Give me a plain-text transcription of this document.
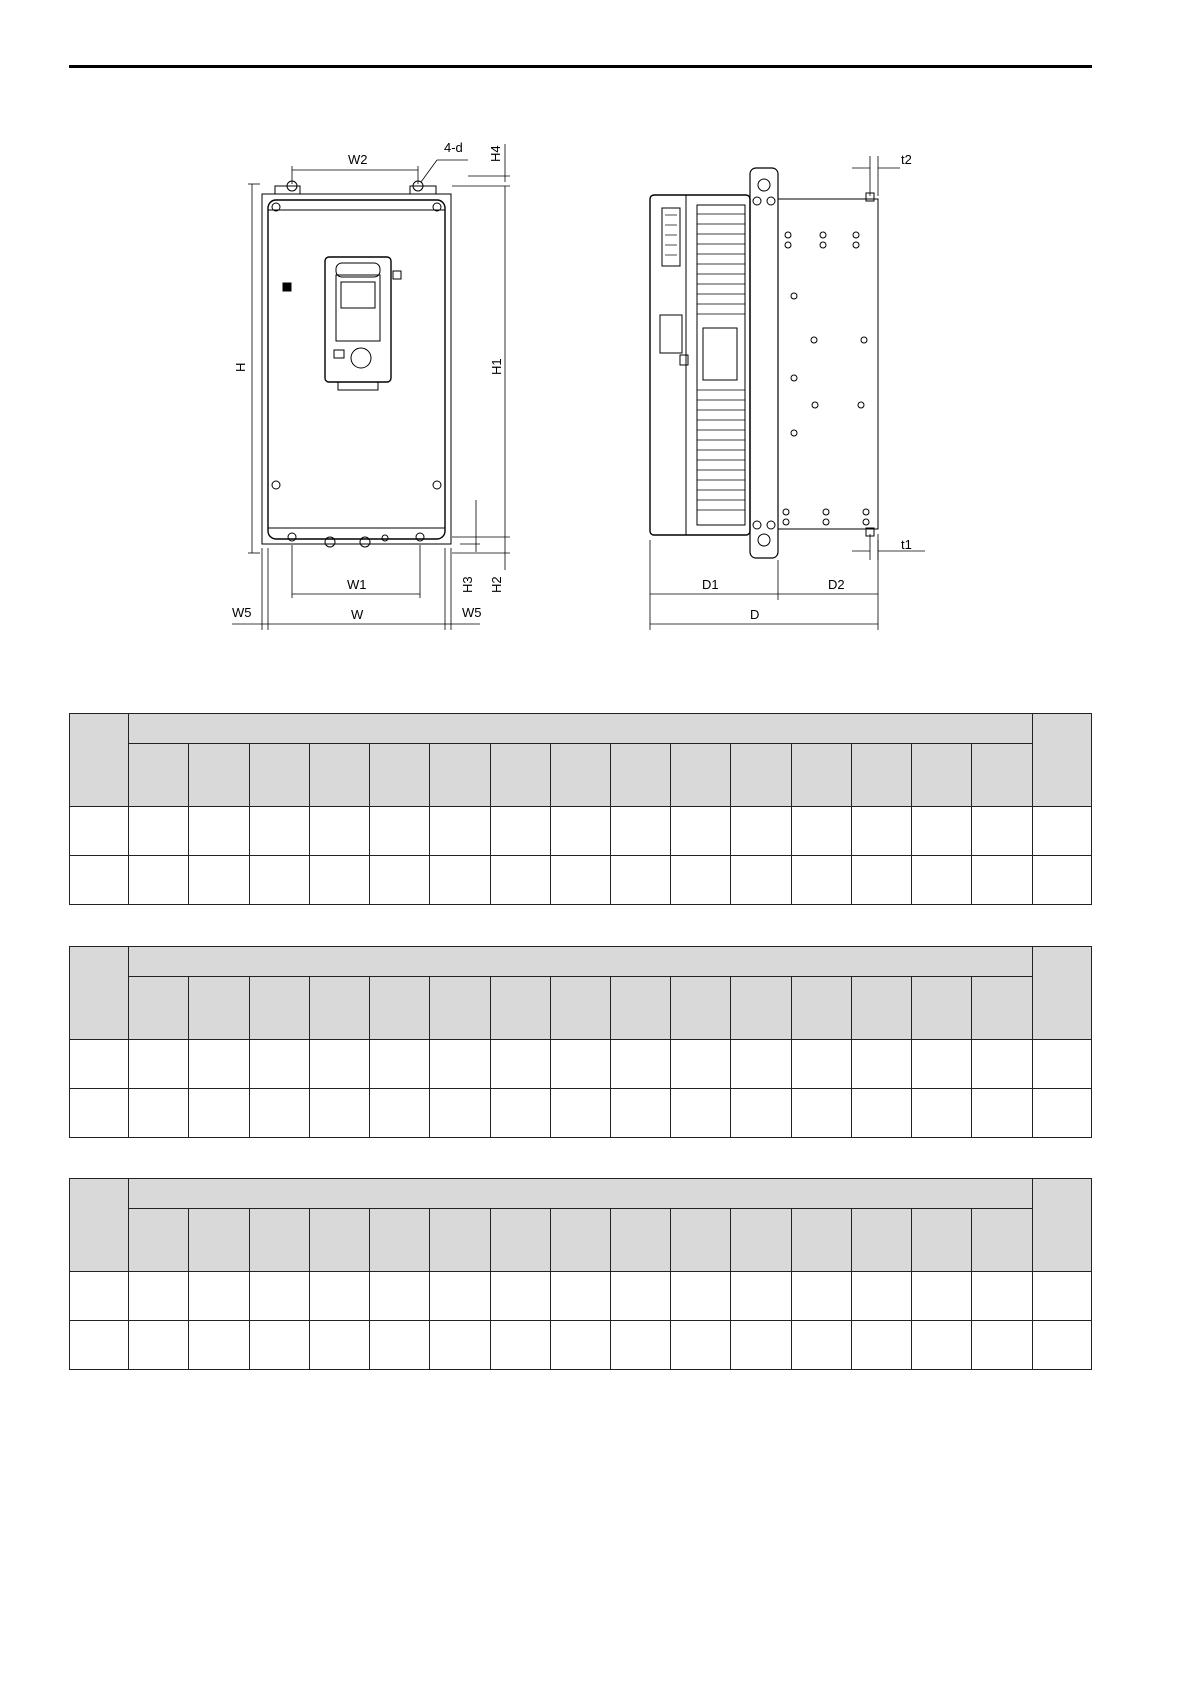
W2
4-d H4
H	H1
H3 H2
W1
W
W5	W5
t2
t1
D1	D2
D
